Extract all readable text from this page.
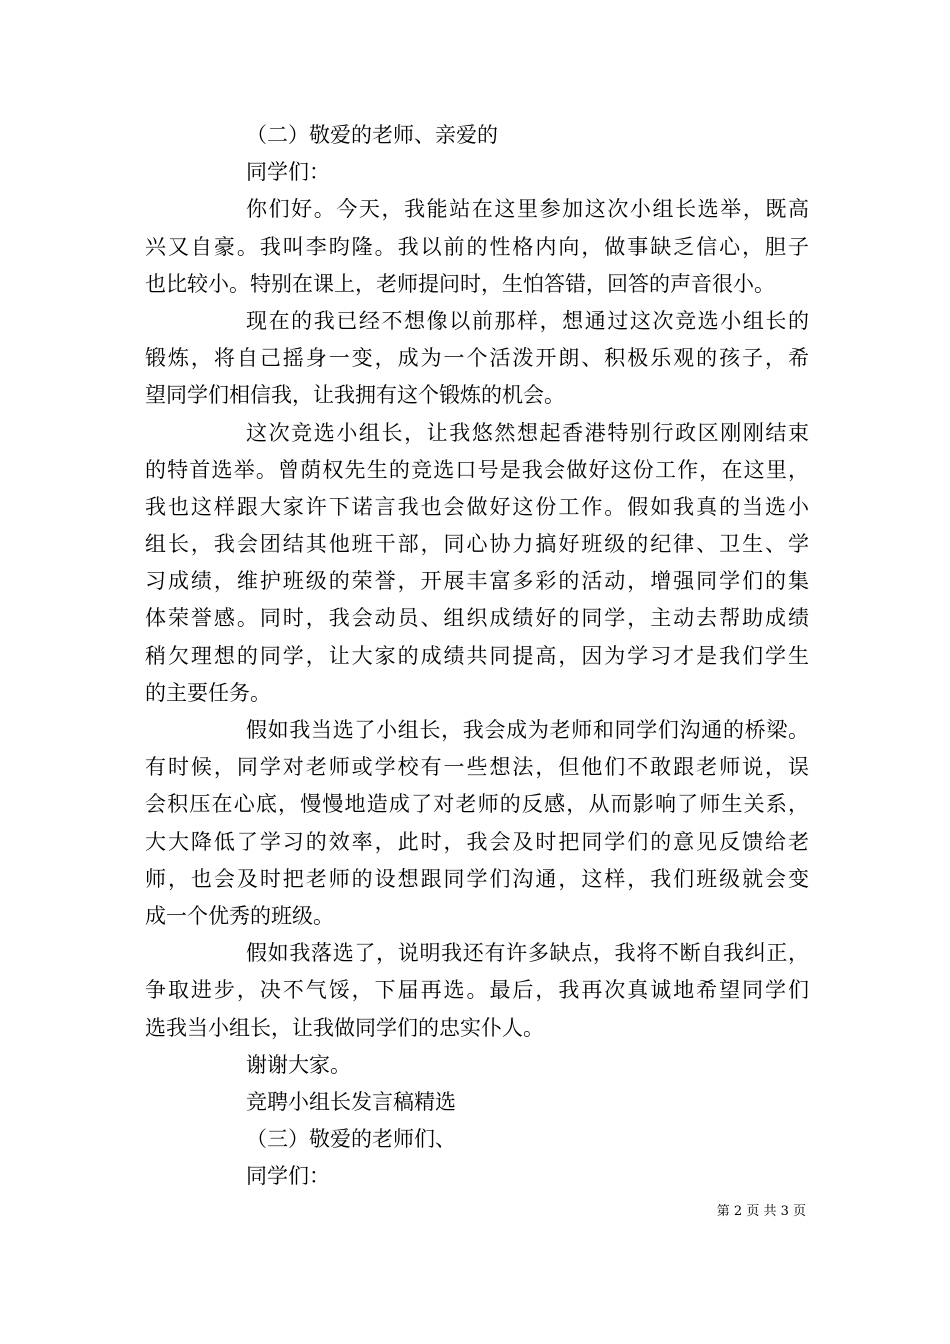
（二）敬爱的老师、亲爱的
同学们：
你们好。今天，我能站在这里参加这次小组长选举，既高
兴又自豪。我叫李昀隆。我以前的性格内向，做事缺乏信心，胆子
也比较小。特别在课上，老师提问时，生怕答错，回答的声音很小。
现在的我已经不想像以前那样，想通过这次竞选小组长的
锻炼，将自己摇身一变，成为一个活泼开朗、积极乐观的孩子，希
望同学们相信我，让我拥有这个锻炼的机会。
这次竞选小组长，让我悠然想起香港特别行政区刚刚结束
的特首选举。曾荫权先生的竞选口号是我会做好这份工作，在这里，
我也这样跟大家许下诺言我也会做好这份工作。假如我真的当选小
组长，我会团结其他班干部，同心协力搞好班级的纪律、卫生、学
习成绩，维护班级的荣誉，开展丰富多彩的活动，增强同学们的集
体荣誉感。同时，我会动员、组织成绩好的同学，主动去帮助成绩
稍欠理想的同学，让大家的成绩共同提高，因为学习才是我们学生
的主要任务。
假如我当选了小组长，我会成为老师和同学们沟通的桥梁。
有时候，同学对老师或学校有一些想法，但他们不敢跟老师说，误
会积压在心底，慢慢地造成了对老师的反感，从而影响了师生关系，
大大降低了学习的效率，此时，我会及时把同学们的意见反馈给老
师，也会及时把老师的设想跟同学们沟通，这样，我们班级就会变
成一个优秀的班级。
假如我落选了，说明我还有许多缺点，我将不断自我纠正，
争取进步，决不气馁，下届再选。最后，我再次真诚地希望同学们
选我当小组长，让我做同学们的忠实仆人。
谢谢大家。
竞聘小组长发言稿精选
（三）敬爱的老师们、
同学们：
第 2 页 共 3 页
